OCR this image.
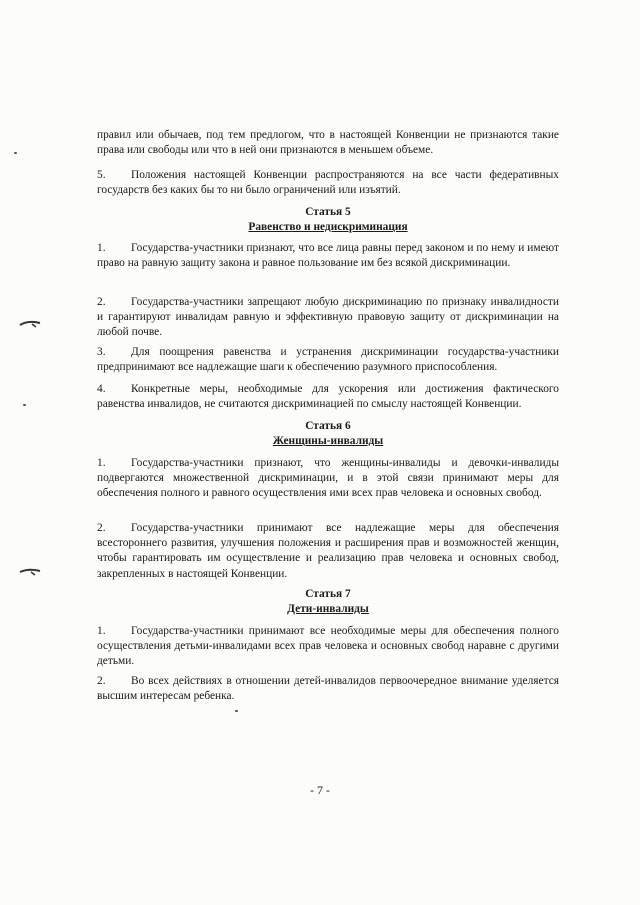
правил или обычаев, под тем предлогом, что в настоящей Конвенции не признаются такие права или свободы или что в ней они признаются в меньшем объеме.

5. Положения настоящей Конвенции распространяются на все части федеративных государств без каких бы то ни было ограничений или изъятий.

Статья 5
Равенство и недискриминация

1. Государства-участники признают, что все лица равны перед законом и по нему и имеют право на равную защиту закона и равное пользование им без всякой дискриминации.

2. Государства-участники запрещают любую дискриминацию по признаку инвалидности и гарантируют инвалидам равную и эффективную правовую защиту от дискриминации на любой почве.

3. Для поощрения равенства и устранения дискриминации государства-участники предпринимают все надлежащие шаги к обеспечению разумного приспособления.

4. Конкретные меры, необходимые для ускорения или достижения фактического равенства инвалидов, не считаются дискриминацией по смыслу настоящей Конвенции.

Статья 6
Женщины-инвалиды

1. Государства-участники признают, что женщины-инвалиды и девочки-инвалиды подвергаются множественной дискриминации, и в этой связи принимают меры для обеспечения полного и равного осуществления ими всех прав человека и основных свобод.

2. Государства-участники принимают все надлежащие меры для обеспечения всестороннего развития, улучшения положения и расширения прав и возможностей женщин, чтобы гарантировать им осуществление и реализацию прав человека и основных свобод, закрепленных в настоящей Конвенции.

Статья 7
Дети-инвалиды

1. Государства-участники принимают все необходимые меры для обеспечения полного осуществления детьми-инвалидами всех прав человека и основных свобод наравне с другими детьми.

2. Во всех действиях в отношении детей-инвалидов первоочередное внимание уделяется высшим интересам ребенка.

- 7 -
